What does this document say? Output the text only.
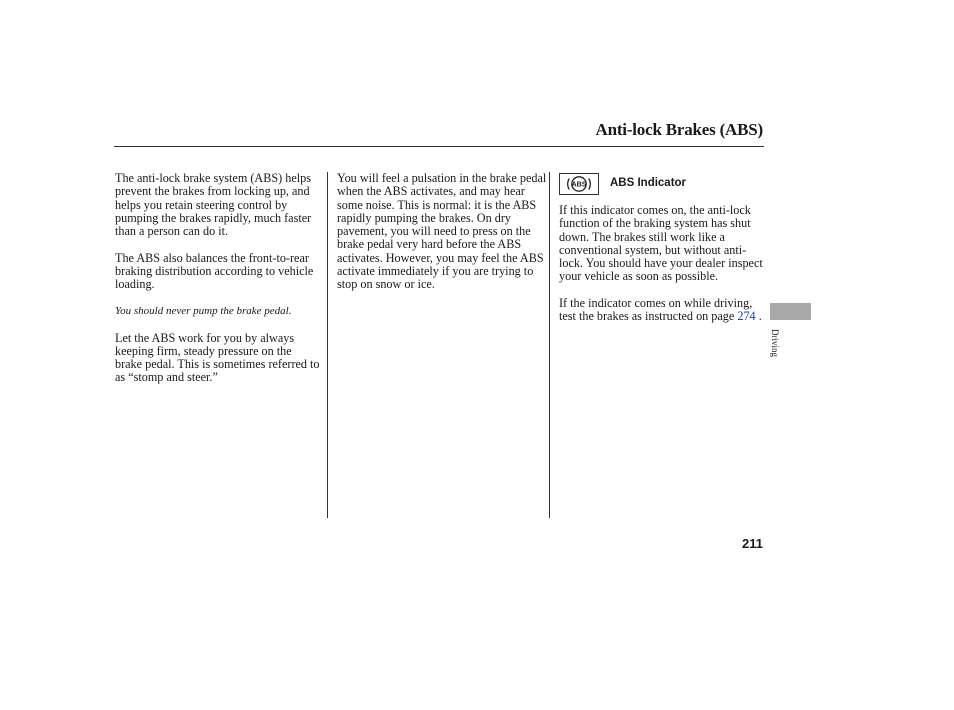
Anti-lock Brakes (ABS)

The anti-lock brake system (ABS) helps prevent the brakes from locking up, and helps you retain steering control by pumping the brakes rapidly, much faster than a person can do it.

The ABS also balances the front-to-rear braking distribution according to vehicle loading.

You should never pump the brake pedal.

Let the ABS work for you by always keeping firm, steady pressure on the brake pedal. This is sometimes referred to as “stomp and steer.”

You will feel a pulsation in the brake pedal when the ABS activates, and may hear some noise. This is normal: it is the ABS rapidly pumping the brakes. On dry pavement, you will need to press on the brake pedal very hard before the ABS activates. However, you may feel the ABS activate immediately if you are trying to stop on snow or ice.

ABS ABS Indicator

If this indicator comes on, the anti-lock function of the braking system has shut down. The brakes still work like a conventional system, but without anti-lock. You should have your dealer inspect your vehicle as soon as possible.

If the indicator comes on while driving, test the brakes as instructed on page 274 .

Driving
211
